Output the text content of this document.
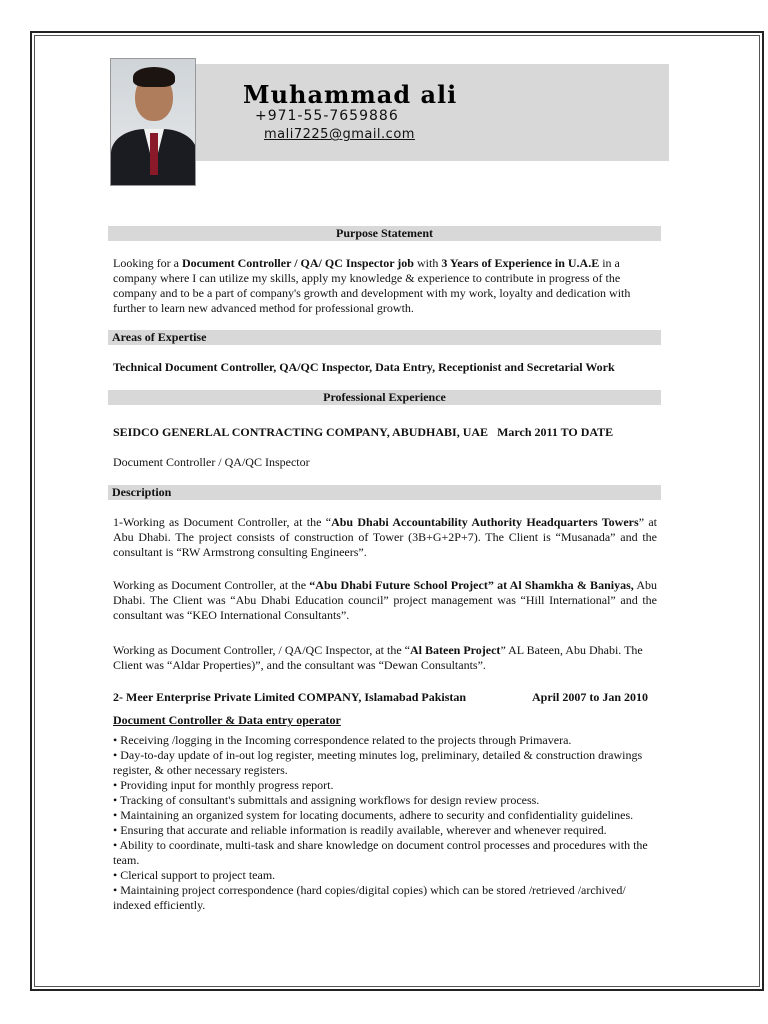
Muhammad ali
+971-55-7659886
mali7225@gmail.com
Purpose Statement
Looking for a Document Controller / QA/ QC Inspector job with 3 Years of Experience in U.A.E in a company where I can utilize my skills, apply my knowledge & experience to contribute in progress of the company and to be a part of company's growth and development with my work, loyalty and dedication with further to learn new advanced method for professional growth.
Areas of Expertise
Technical Document Controller, QA/QC Inspector, Data Entry, Receptionist and Secretarial Work
Professional Experience
SEIDCO GENERLAL CONTRACTING COMPANY, ABUDHABI, UAE March 2011 TO DATE
Document Controller / QA/QC Inspector
Description
1-Working as Document Controller, at the “Abu Dhabi Accountability Authority Headquarters Towers” at Abu Dhabi. The project consists of construction of Tower (3B+G+2P+7). The Client is “Musanada” and the consultant is “RW Armstrong consulting Engineers”.
Working as Document Controller, at the “Abu Dhabi Future School Project” at Al Shamkha & Baniyas, Abu Dhabi. The Client was “Abu Dhabi Education council” project management was “Hill International” and the consultant was “KEO International Consultants”.
Working as Document Controller, / QA/QC Inspector, at the “Al Bateen Project” AL Bateen, Abu Dhabi. The Client was “Aldar Properties)”, and the consultant was “Dewan Consultants”.
2- Meer Enterprise Private Limited COMPANY, Islamabad Pakistan	April 2007 to Jan 2010
Document Controller & Data entry operator
• Receiving /logging in the Incoming correspondence related to the projects through Primavera.
• Day-to-day update of in-out log register, meeting minutes log, preliminary, detailed & construction drawings register, & other necessary registers.
• Providing input for monthly progress report.
• Tracking of consultant's submittals and assigning workflows for design review process.
• Maintaining an organized system for locating documents, adhere to security and confidentiality guidelines.
• Ensuring that accurate and reliable information is readily available, wherever and whenever required.
• Ability to coordinate, multi-task and share knowledge on document control processes and procedures with the team.
• Clerical support to project team.
• Maintaining project correspondence (hard copies/digital copies) which can be stored /retrieved /archived/ indexed efficiently.
